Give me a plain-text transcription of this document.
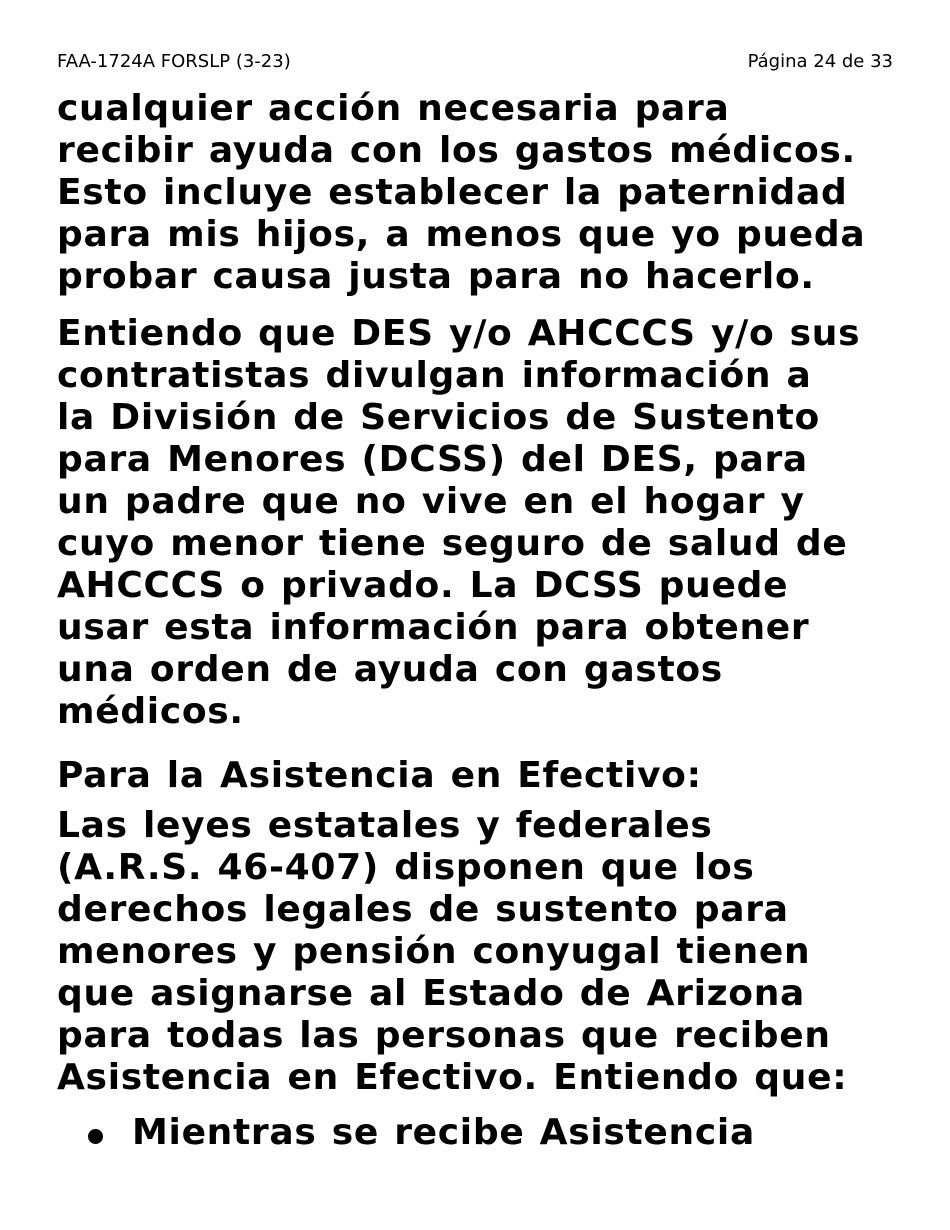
FAA-1724A FORSLP (3-23)	Página 24 de 33
cualquier acción necesaria para
recibir ayuda con los gastos médicos.
Esto incluye establecer la paternidad
para mis hijos, a menos que yo pueda
probar causa justa para no hacerlo.
Entiendo que DES y/o AHCCCS y/o sus
contratistas divulgan información a
la División de Servicios de Sustento
para Menores (DCSS) del DES, para
un padre que no vive en el hogar y
cuyo menor tiene seguro de salud de
AHCCCS o privado. La DCSS puede
usar esta información para obtener
una orden de ayuda con gastos
médicos.
Para la Asistencia en Efectivo:
Las leyes estatales y federales
(A.R.S. 46-407) disponen que los
derechos legales de sustento para
menores y pensión conyugal tienen
que asignarse al Estado de Arizona
para todas las personas que reciben
Asistencia en Efectivo. Entiendo que:
Mientras se recibe Asistencia
